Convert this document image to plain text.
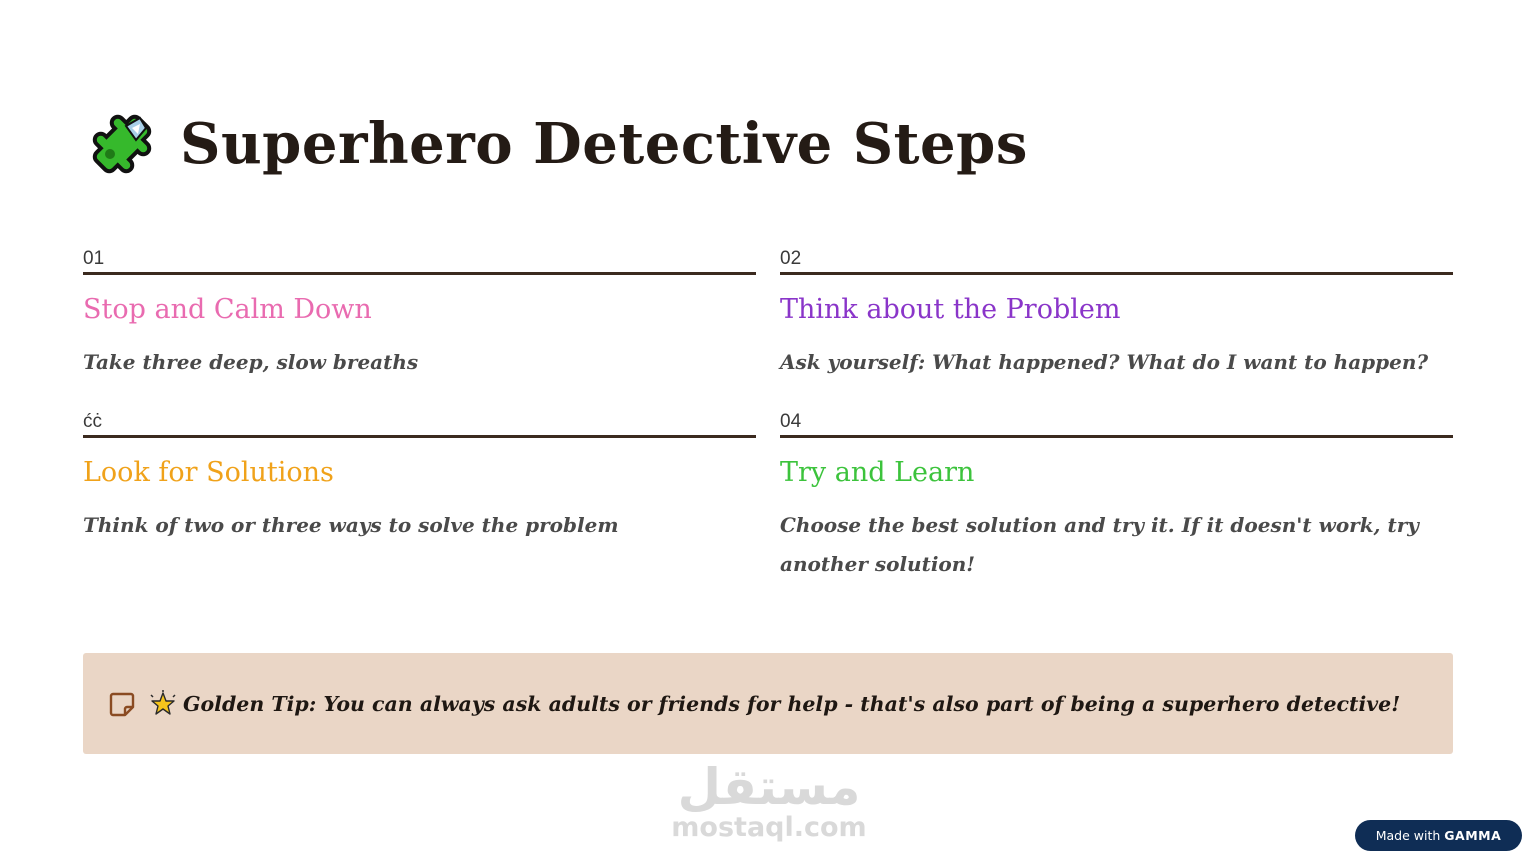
Superhero Detective Steps
01
Stop and Calm Down
Take three deep, slow breaths
02
Think about the Problem
Ask yourself: What happened? What do I want to happen?
ćċ
Look for Solutions
Think of two or three ways to solve the problem
04
Try and Learn
Choose the best solution and try it. If it doesn't work, try another solution!
Golden Tip: You can always ask adults or friends for help - that's also part of being a superhero detective!
مستقل
mostaql.com	Made with GAMMA
